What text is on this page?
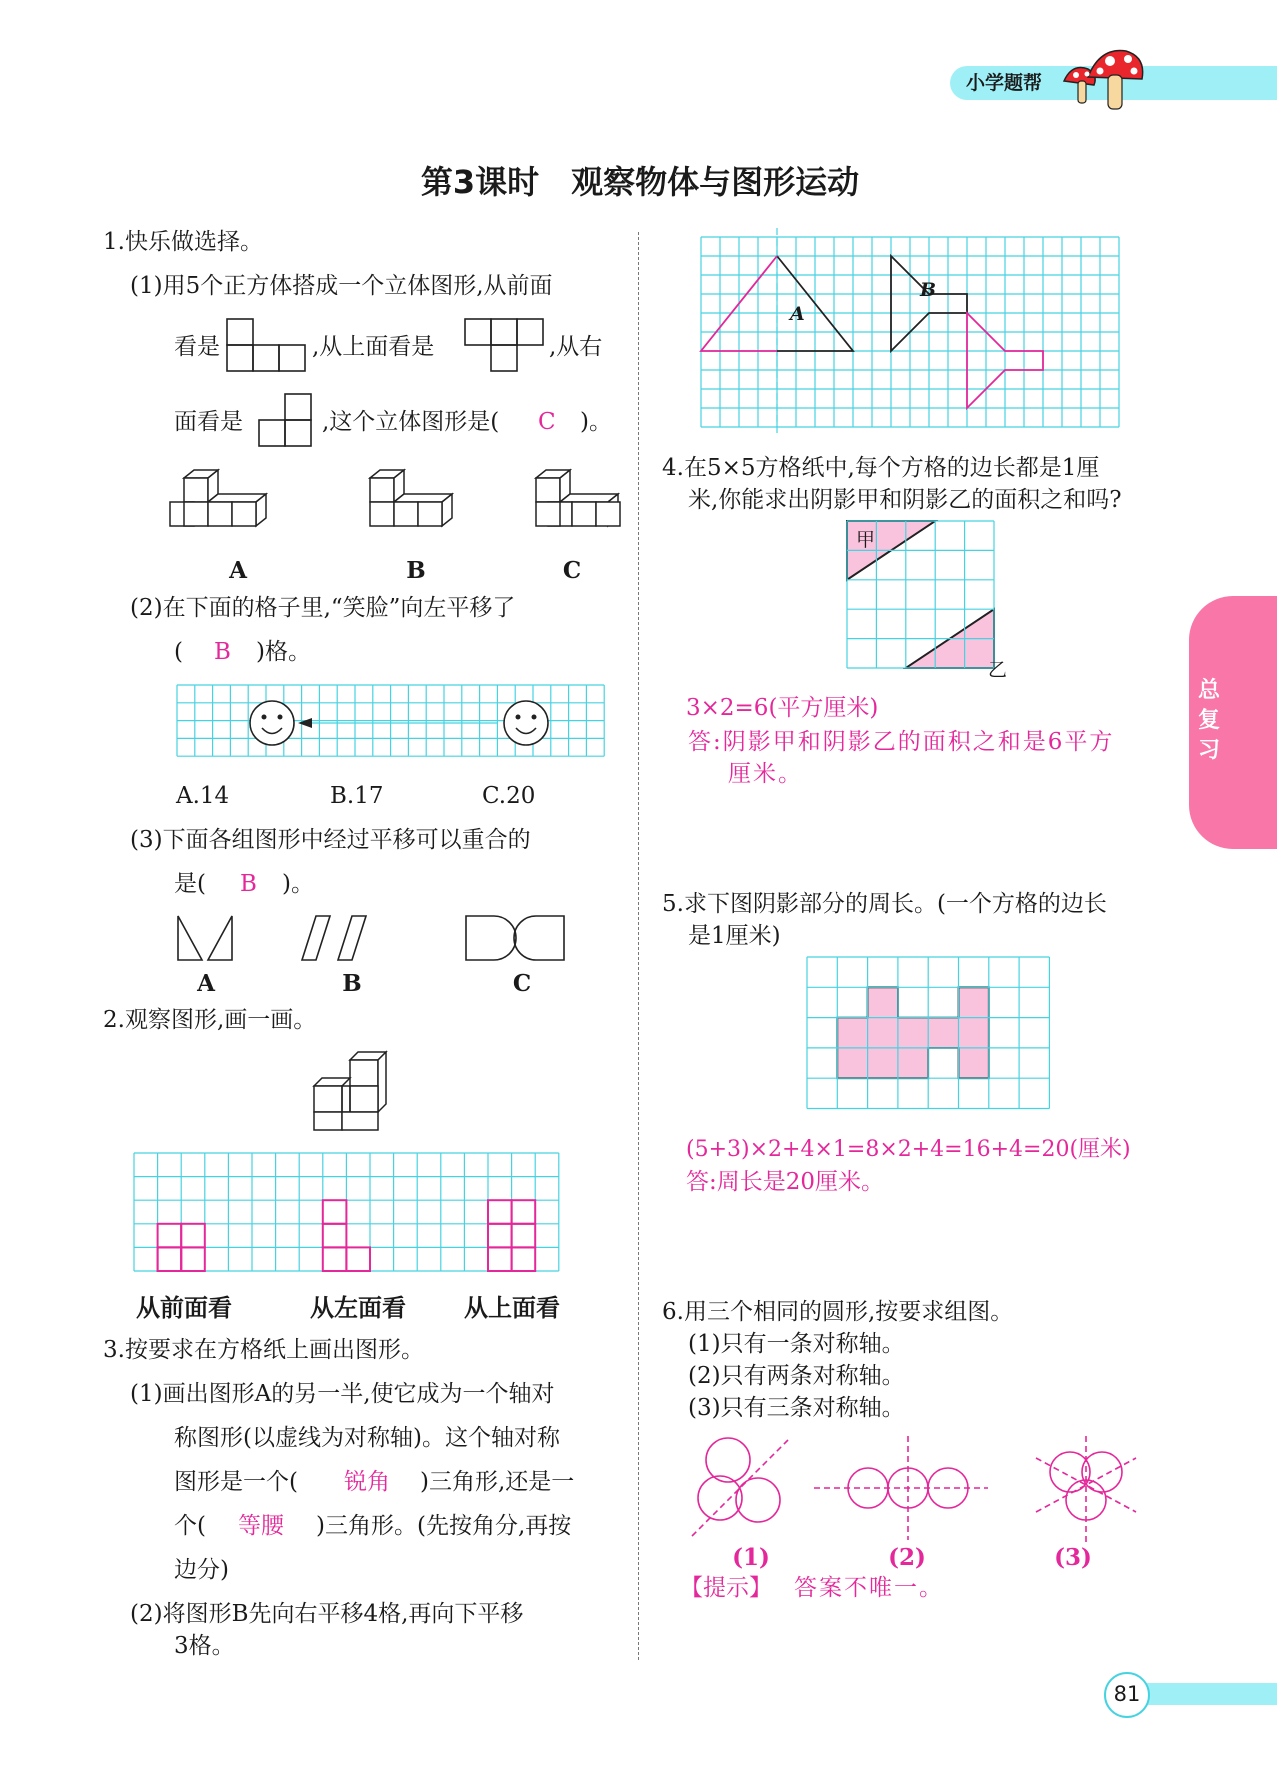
小学题帮
第3课时　观察物体与图形运动
总复习
1.快乐做选择。
(1)用5个正方体搭成一个立体图形,从前面
看是	,从上面看是	,从右
面看是	,这个立体图形是( C )。
A	B	C
(2)在下面的格子里,“笑脸”向左平移了
( B )格。
A.14	B.17	C.20
(3)下面各组图形中经过平移可以重合的
是( B )。
A	B	C
2.观察图形,画一画。
从前面看	从左面看 从上面看
3.按要求在方格纸上画出图形。
(1)画出图形A的另一半,使它成为一个轴对
称图形(以虚线为对称轴)。这个轴对称
图形是一个( 锐角 )三角形,还是一
个( 等腰 )三角形。(先按角分,再按
边分)
(2)将图形B先向右平移4格,再向下平移
3格。
A
B
4.在5×5方格纸中,每个方格的边长都是1厘
米,你能求出阴影甲和阴影乙的面积之和吗?
甲
乙
3×2=6(平方厘米)
答:阴影甲和阴影乙的面积之和是6平方
厘米。
5.求下图阴影部分的周长。(一个方格的边长
是1厘米)
(5+3)×2+4×1=8×2+4=16+4=20(厘米)
答:周长是20厘米。
6.用三个相同的圆形,按要求组图。
(1)只有一条对称轴。
(2)只有两条对称轴。
(3)只有三条对称轴。
(1)	(2)	(3)
【提示】 答案不唯一。
81
